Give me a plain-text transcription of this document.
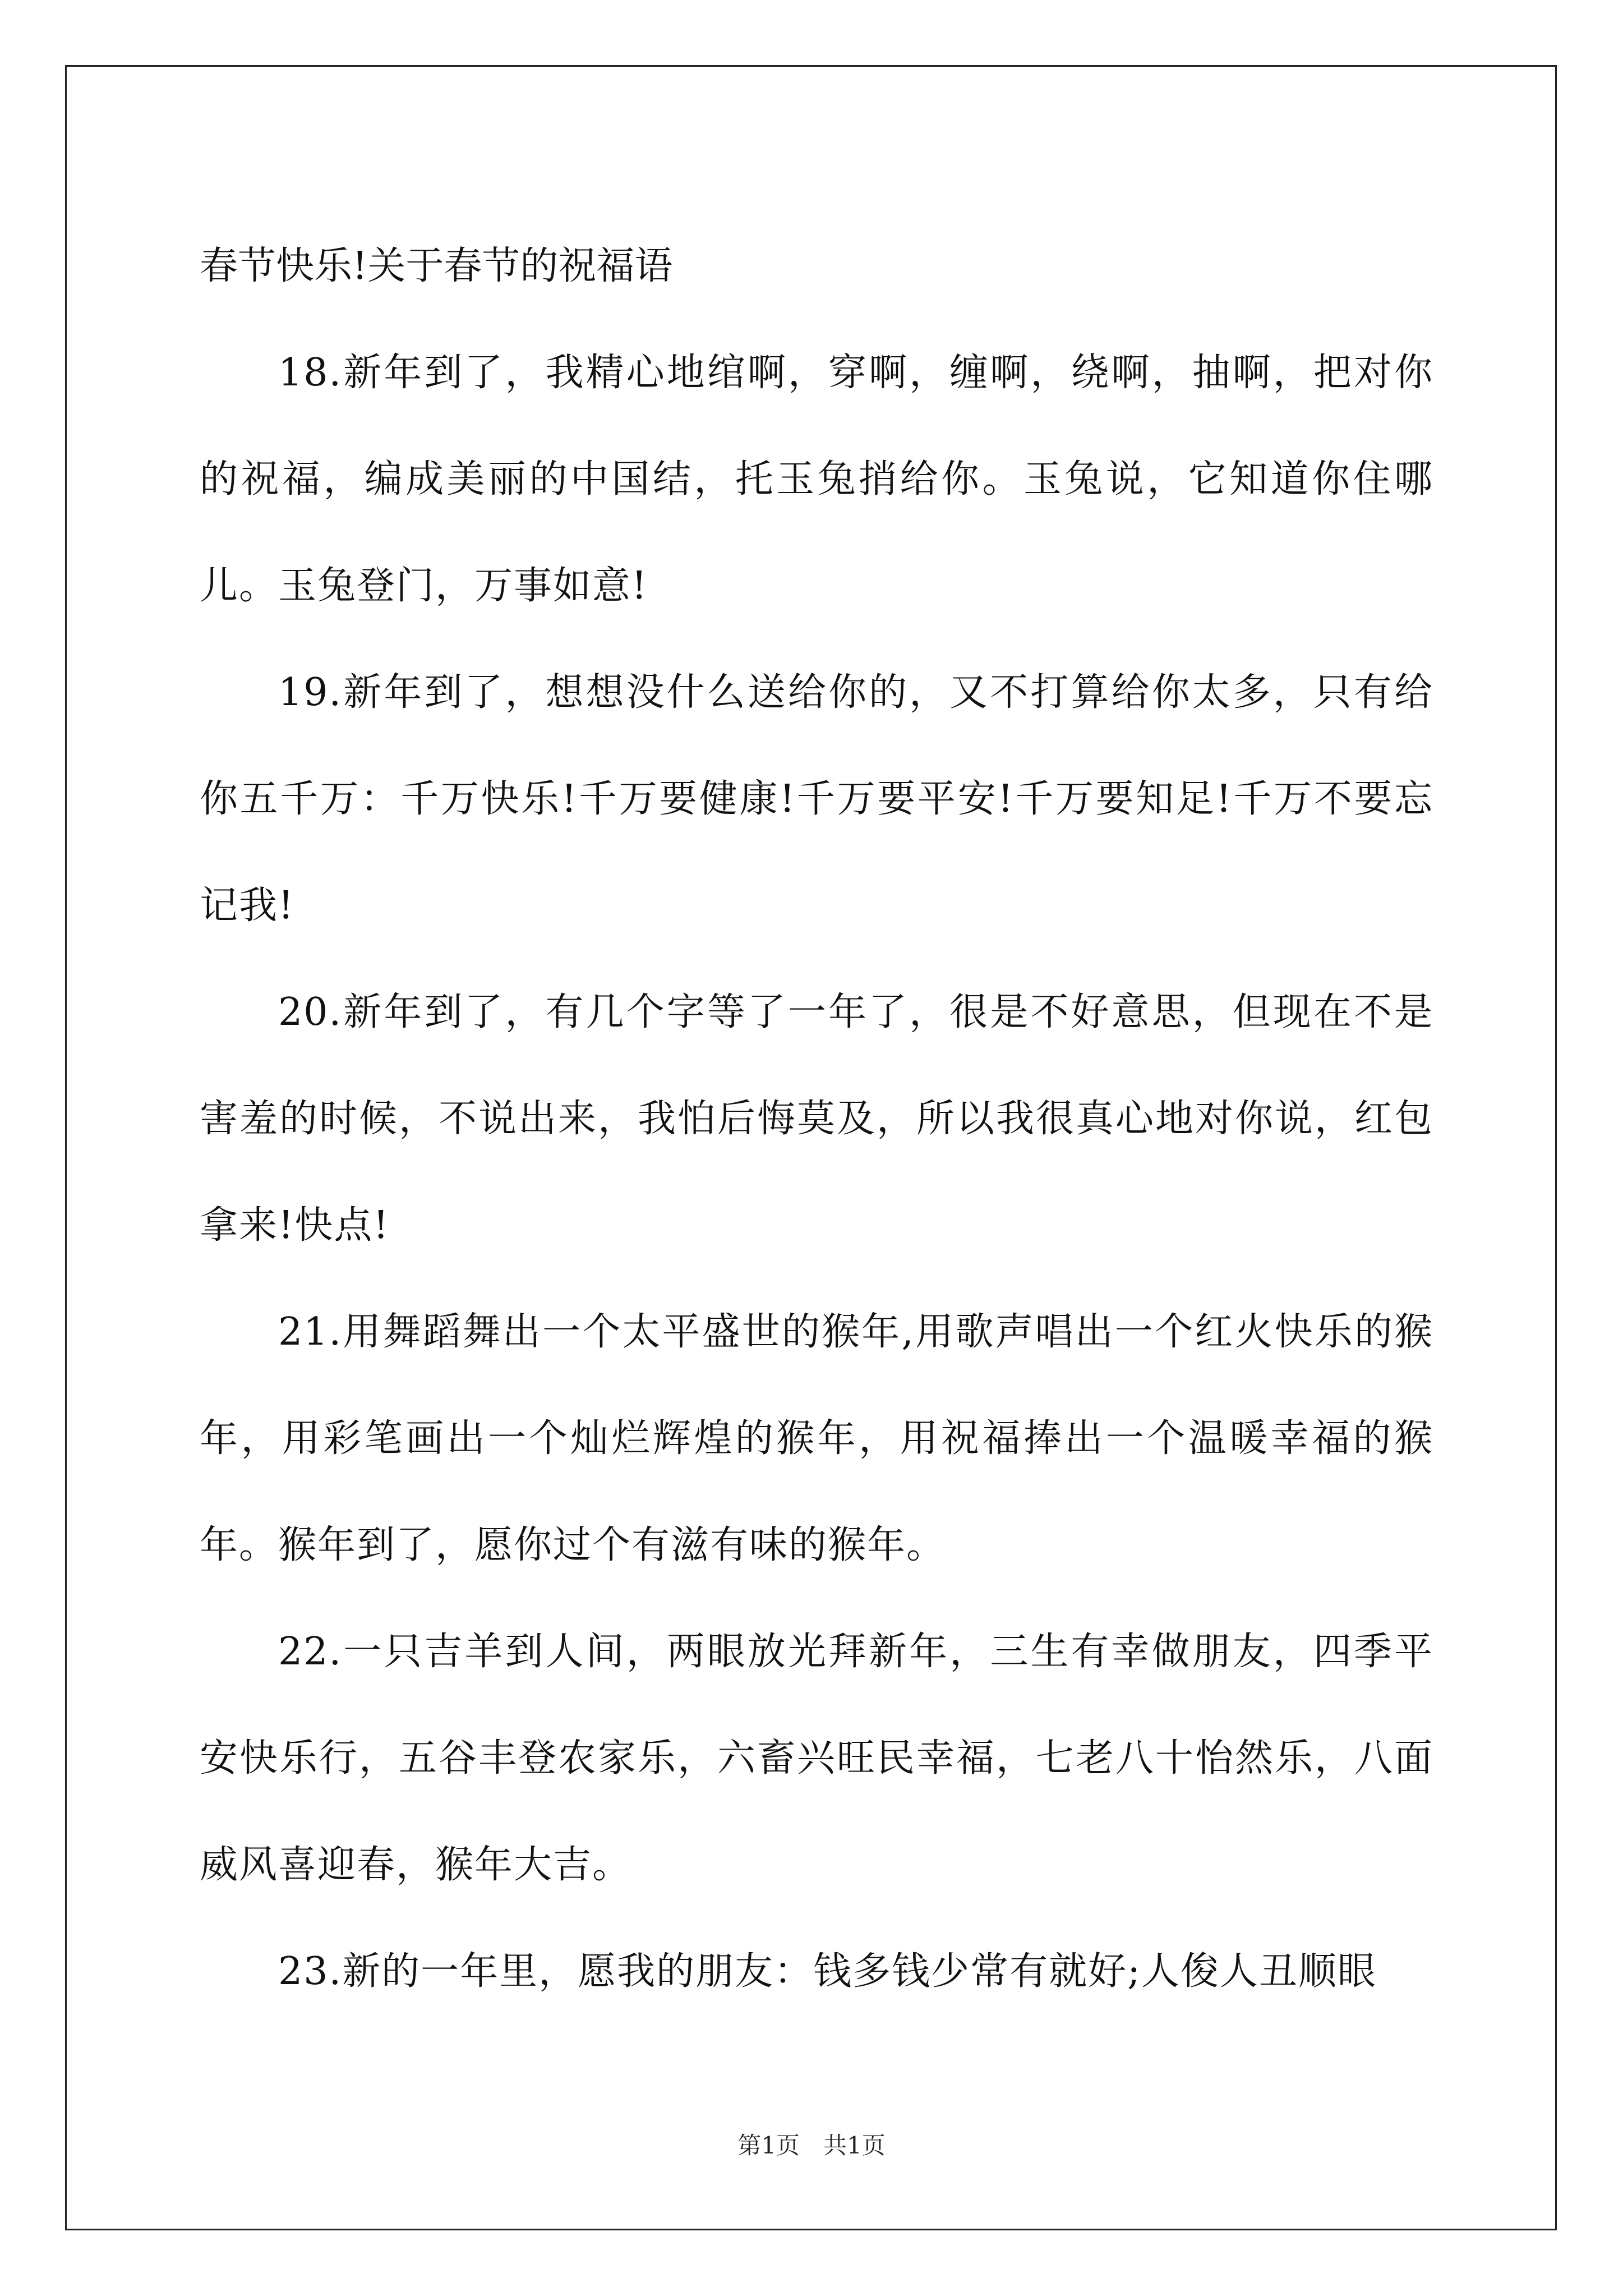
春节快乐!关于春节的祝福语

18.新年到了，我精心地绾啊，穿啊，缠啊，绕啊，抽啊，把对你的祝福，编成美丽的中国结，托玉兔捎给你。玉兔说，它知道你住哪儿。玉兔登门，万事如意!

19.新年到了，想想没什么送给你的，又不打算给你太多，只有给你五千万：千万快乐!千万要健康!千万要平安!千万要知足!千万不要忘记我!

20.新年到了，有几个字等了一年了，很是不好意思，但现在不是害羞的时候，不说出来，我怕后悔莫及，所以我很真心地对你说，红包拿来!快点!

21.用舞蹈舞出一个太平盛世的猴年,用歌声唱出一个红火快乐的猴年，用彩笔画出一个灿烂辉煌的猴年，用祝福捧出一个温暖幸福的猴年。猴年到了，愿你过个有滋有味的猴年。

22.一只吉羊到人间，两眼放光拜新年，三生有幸做朋友，四季平安快乐行，五谷丰登农家乐，六畜兴旺民幸福，七老八十怡然乐，八面威风喜迎春，猴年大吉。

23.新的一年里，愿我的朋友：钱多钱少常有就好;人俊人丑顺眼

第1页　共1页
